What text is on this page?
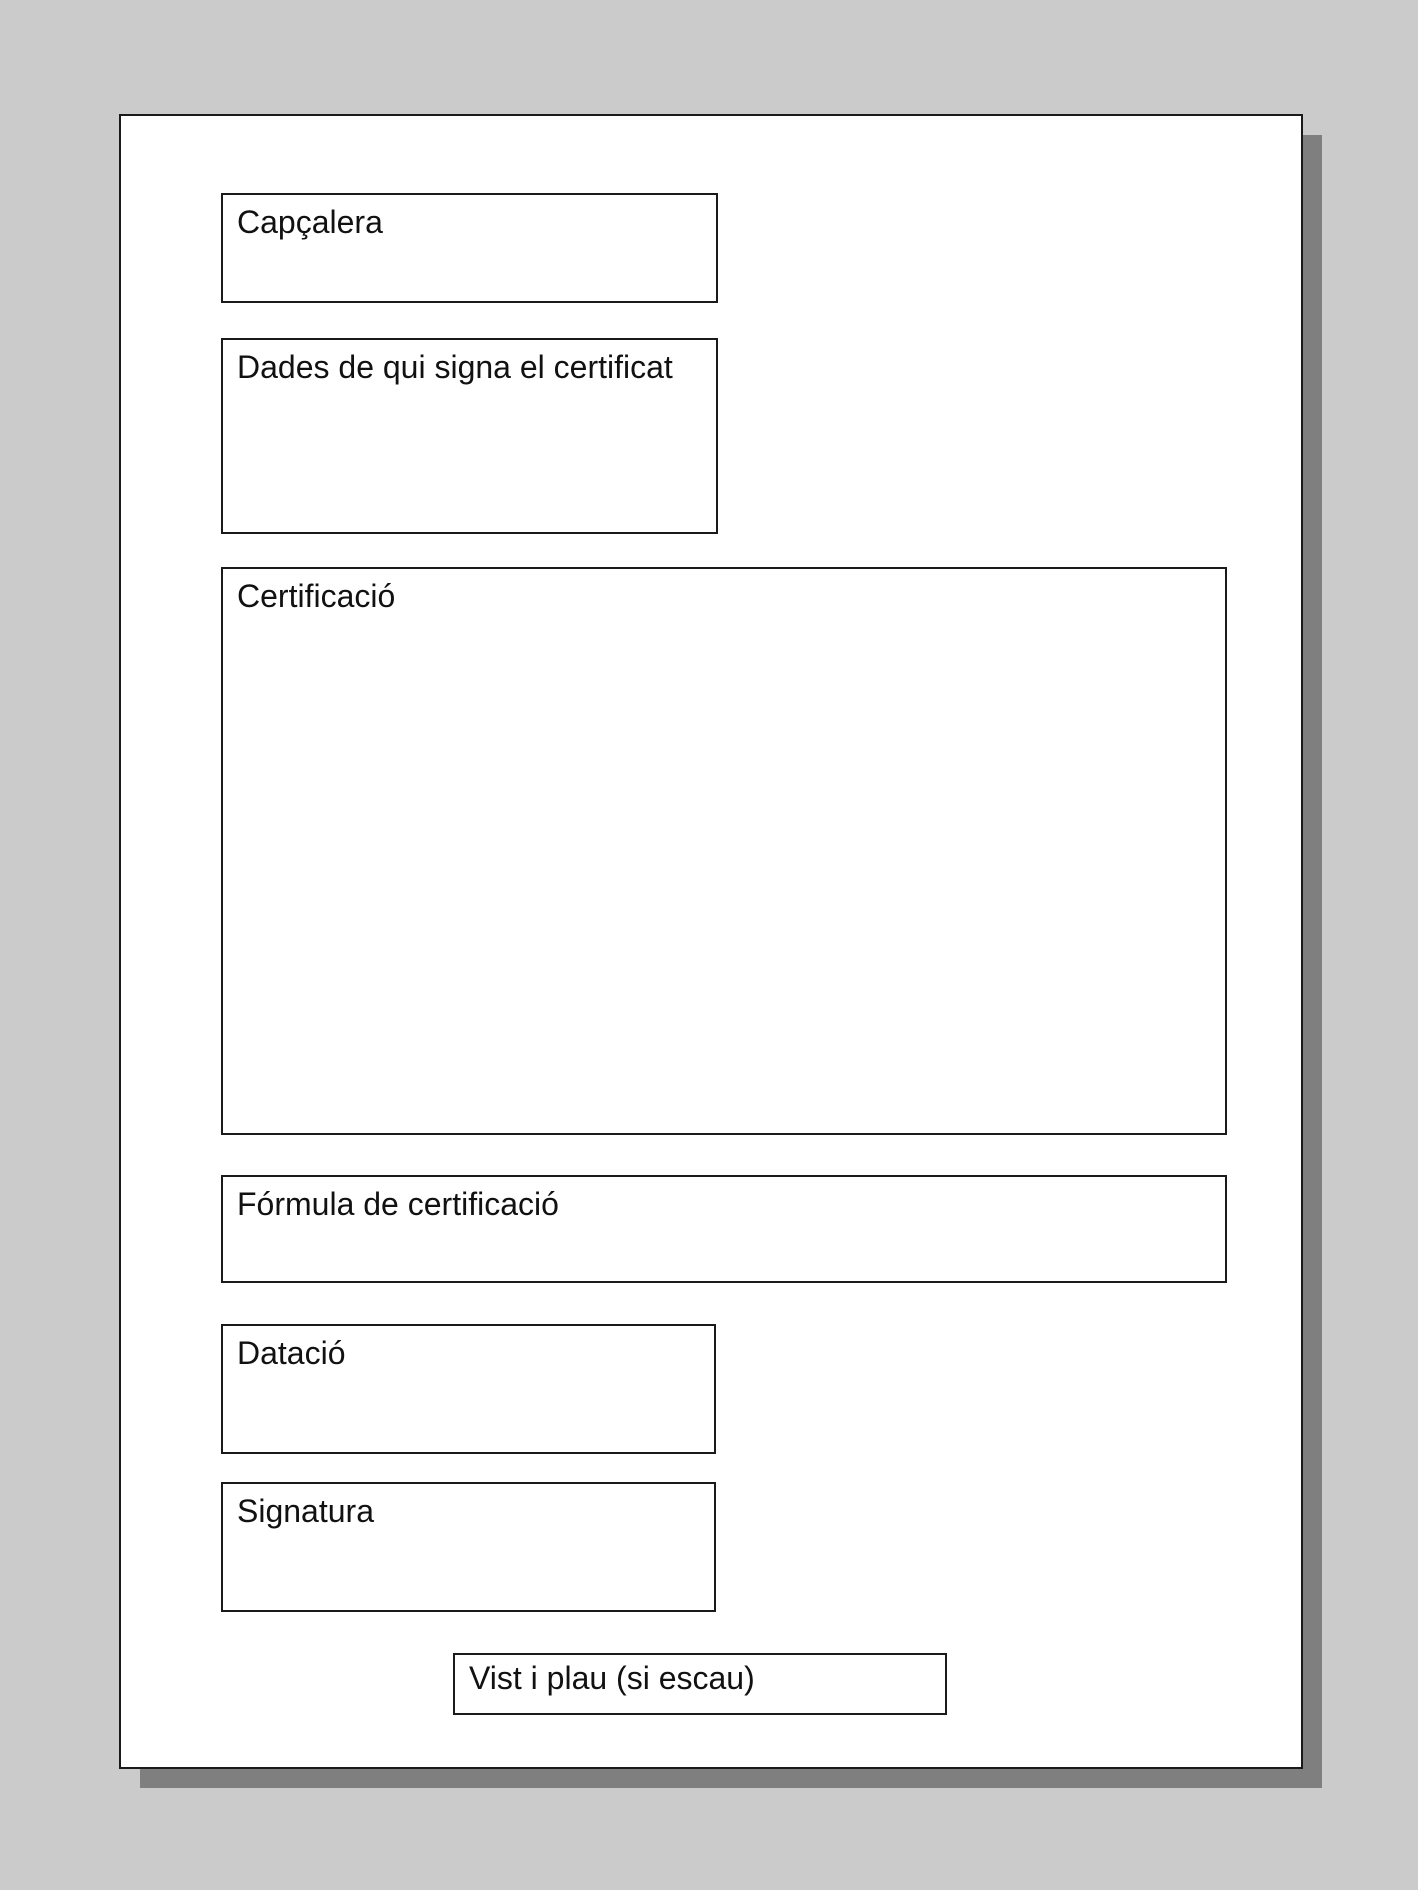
Capçalera
Dades de qui signa el certificat
Certificació
Fórmula de certificació
Datació
Signatura
Vist i plau (si escau)
